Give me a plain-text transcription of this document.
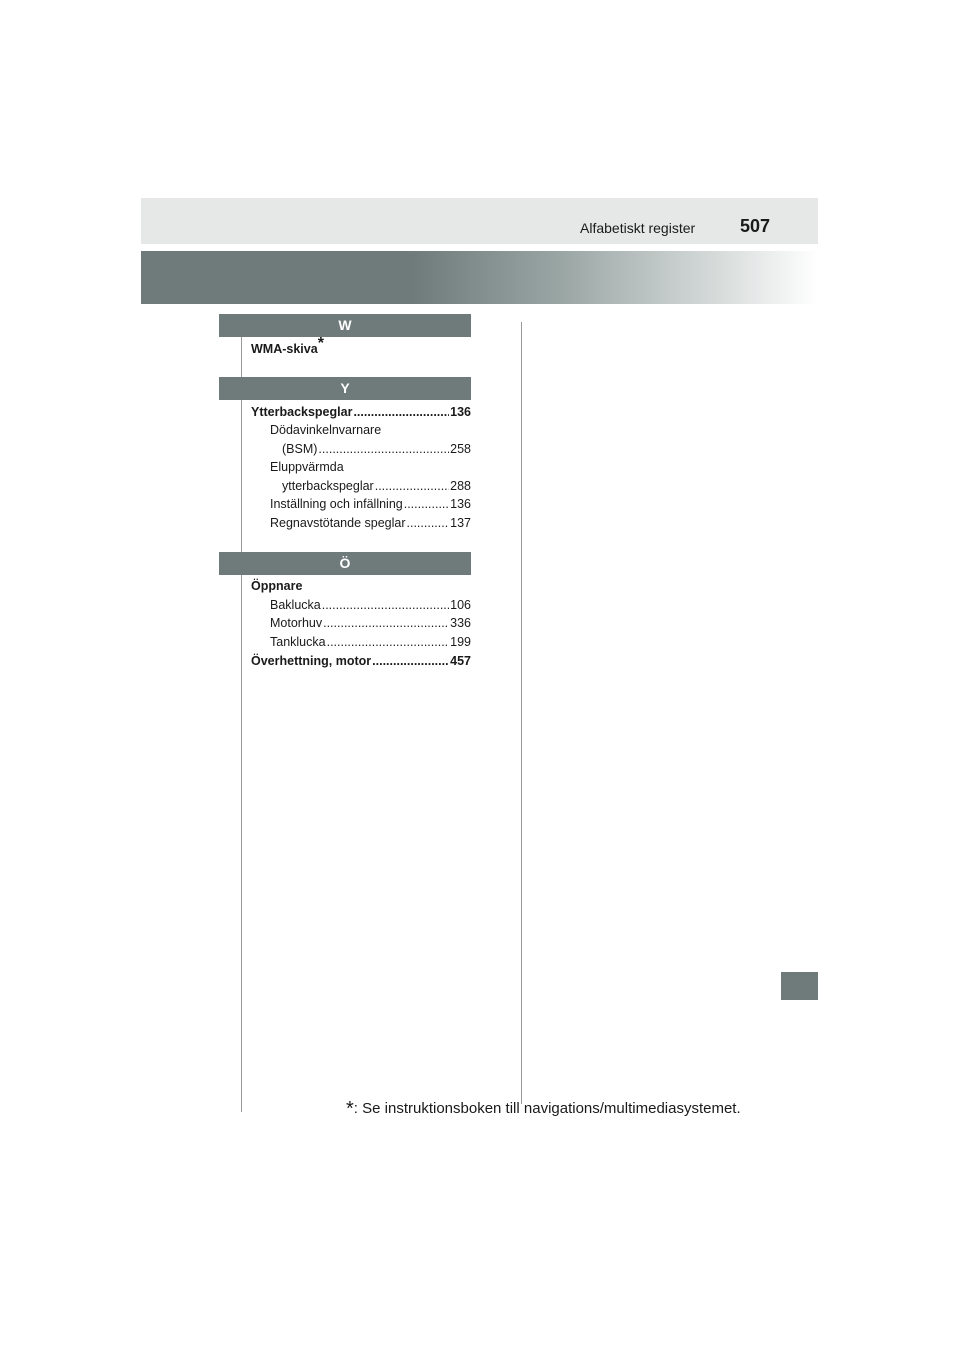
Alfabetiskt register 507
W
WMA-skiva*
Y
Ytterbackspeglar .....	136
Dödavinkelnvarnare
(BSM) .....	258
Eluppvärmda
ytterbackspeglar .....	288
Inställning och infällning .....	136
Regnavstötande speglar .....	137
Ö
Öppnare
Baklucka .....	106
Motorhuv .....	336
Tanklucka .....	199
Överhettning, motor .....	457
*: Se instruktionsboken till navigations/multimediasystemet.
